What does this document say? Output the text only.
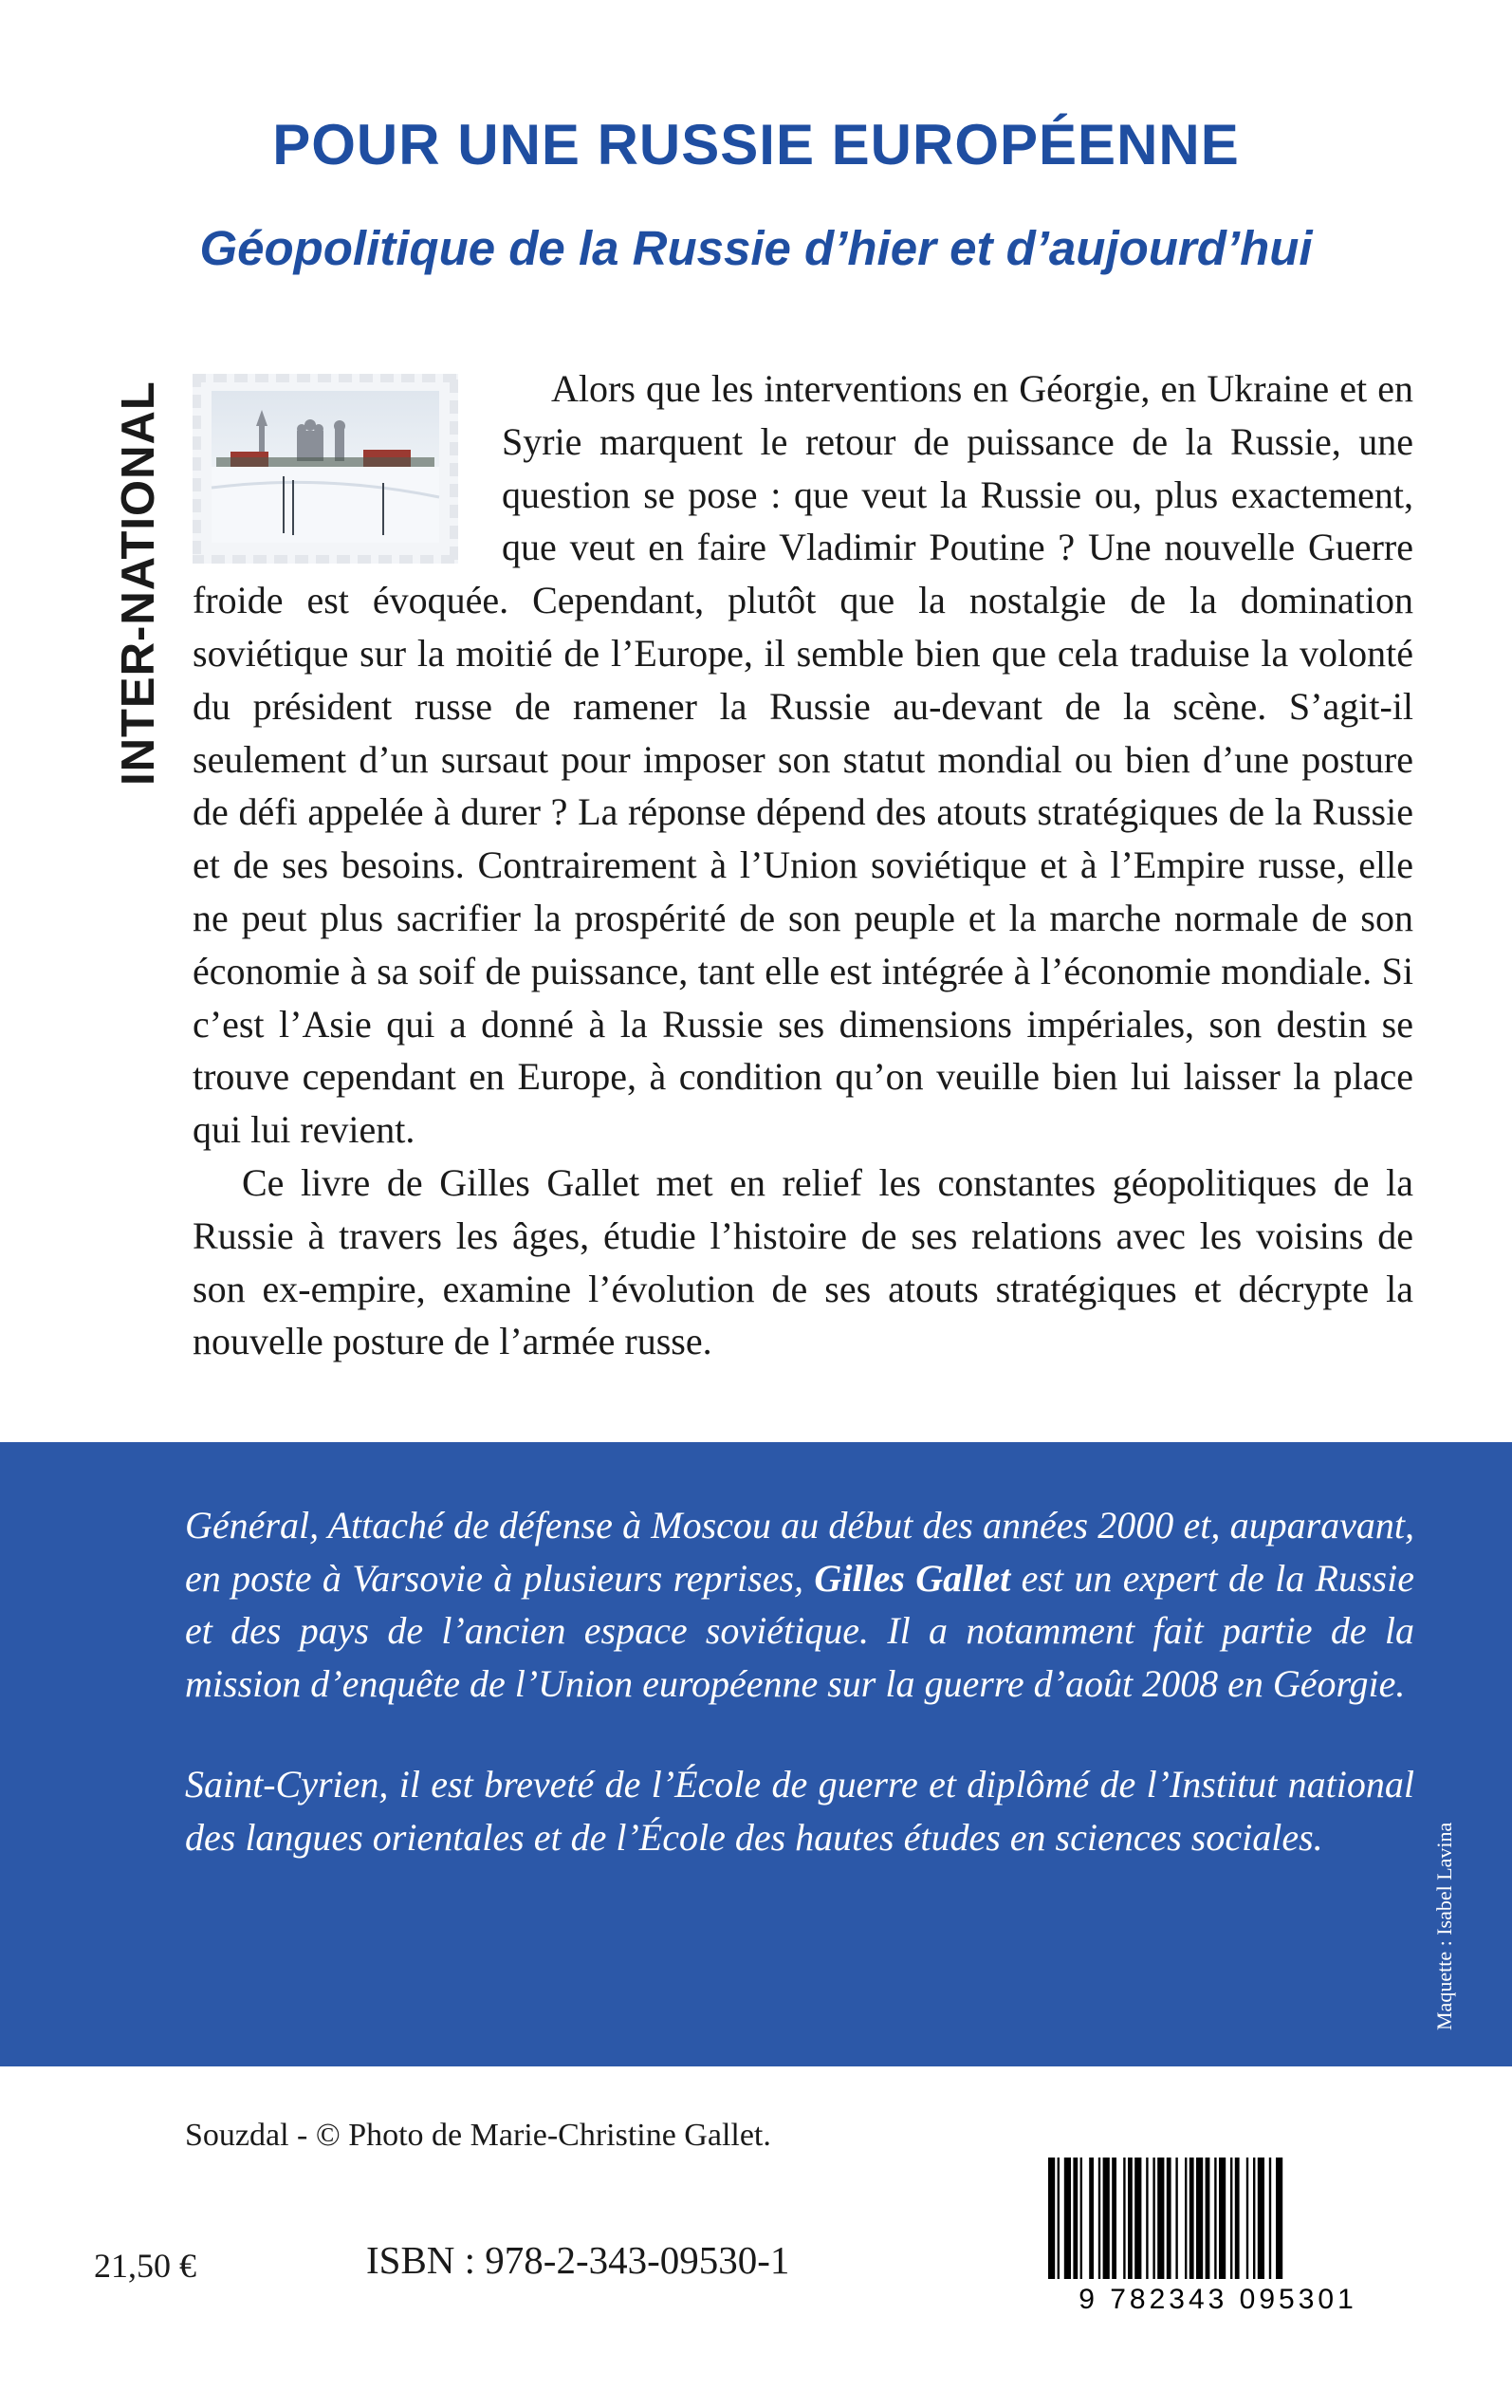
POUR UNE RUSSIE EUROPÉENNE
Géopolitique de la Russie d’hier et d’aujourd’hui
INTER-NATIONAL	Alors que les interventions en Géorgie, en Ukraine et en Syrie marquent le retour de puissance de la Russie, une question se pose : que veut la Russie ou, plus exactement, que veut en faire Vladimir Poutine ? Une nouvelle Guerre froide est évoquée. Cependant, plutôt que la nostalgie de la domination soviétique sur la moitié de l’Europe, il semble bien que cela traduise la volonté du président russe de ramener la Russie au-devant de la scène. S’agit-il seulement d’un sursaut pour imposer son statut mondial ou bien d’une posture de défi appelée à durer ? La réponse dépend des atouts stratégiques de la Russie et de ses besoins. Contrairement à l’Union soviétique et à l’Empire russe, elle ne peut plus sacrifier la prospérité de son peuple et la marche normale de son économie à sa soif de puissance, tant elle est intégrée à l’économie mondiale. Si c’est l’Asie qui a donné à la Russie ses dimensions impériales, son destin se trouve cependant en Europe, à condition qu’on veuille bien lui laisser la place qui lui revient.

Ce livre de Gilles Gallet met en relief les constantes géopolitiques de la Russie à travers les âges, étudie l’histoire de ses relations avec les voisins de son ex-empire, examine l’évolution de ses atouts stratégiques et décrypte la nouvelle posture de l’armée russe.

Général, Attaché de défense à Moscou au début des années 2000 et, auparavant, en poste à Varsovie à plusieurs reprises, Gilles Gallet est un expert de la Russie et des pays de l’ancien espace soviétique. Il a notamment fait partie de la mission d’enquête de l’Union européenne sur la guerre d’août 2008 en Géorgie.

Saint-Cyrien, il est breveté de l’École de guerre et diplômé de l’Institut national des langues orientales et de l’École des hautes études en sciences sociales.	Maquette : Isabel Lavina

Souzdal - © Photo de Marie-Christine Gallet.

21,50 €	ISBN : 978-2-343-09530-1

9 782343 095301
